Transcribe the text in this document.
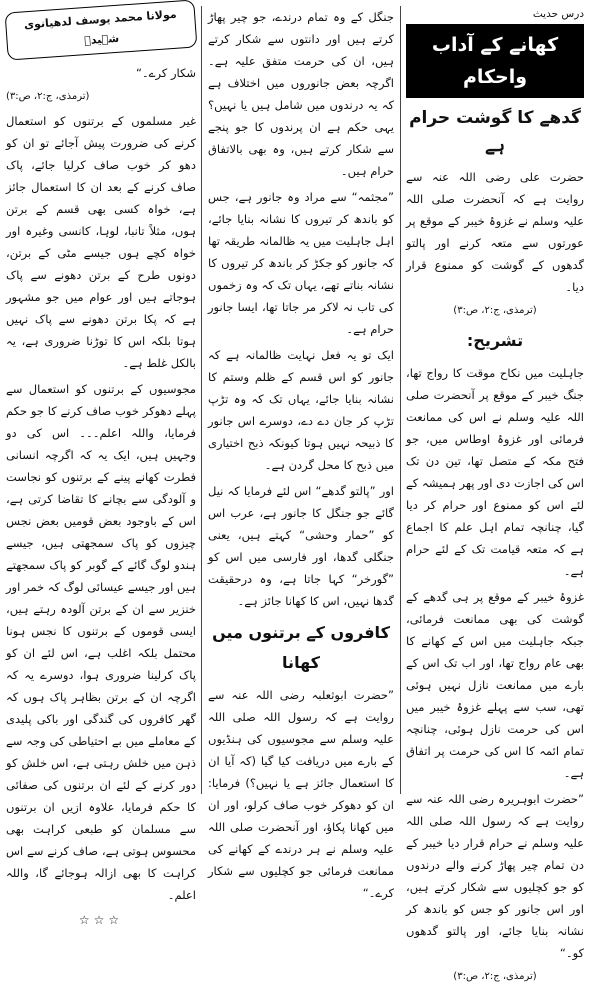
درس حدیث
کھانے کے آداب واحکام
گدھے کا گوشت حرام ہے

حضرت علی رضی اللہ عنہ سے روایت ہے کہ آنحضرت صلی اللہ علیہ وسلم نے غزوۂ خیبر کے موقع پر عورتوں سے متعہ کرنے اور پالتو گدھوں کے گوشت کو ممنوع قرار دیا۔

(ترمذی، ج:۲، ص:۳)

تشریح:

جاہلیت میں نکاح موقت کا رواج تھا، جنگ خیبر کے موقع پر آنحضرت صلی اللہ علیہ وسلم نے اس کی ممانعت فرمائی اور غزوۂ اوطاس میں، جو فتح مکہ کے متصل تھا، تین دن تک اس کی اجازت دی اور پھر ہمیشہ کے لئے اس کو ممنوع اور حرام کر دیا گیا، چنانچہ تمام اہل علم کا اجماع ہے کہ متعہ قیامت تک کے لئے حرام ہے۔

غزوۂ خیبر کے موقع پر ہی گدھے کے گوشت کی بھی ممانعت فرمائی، جبکہ جاہلیت میں اس کے کھانے کا بھی عام رواج تھا، اور اب تک اس کے بارے میں ممانعت نازل نہیں ہوئی تھی، سب سے پہلے غزوۂ خیبر میں اس کی حرمت نازل ہوئی، چنانچہ تمام ائمہ کا اس کی حرمت پر اتفاق ہے۔

”حضرت ابوہریرہ رضی اللہ عنہ سے روایت ہے کہ رسول اللہ صلی اللہ علیہ وسلم نے حرام قرار دیا خیبر کے دن تمام چیر پھاڑ کرنے والے درندوں کو جو کچلیوں سے شکار کرتے ہیں، اور اس جانور کو جس کو باندھ کر نشانہ بنایا جائے، اور پالتو گدھوں کو۔“

(ترمذی، ج:۲، ص:۳)

جنگل کے وہ تمام درندے، جو چیر پھاڑ کرتے ہیں اور دانتوں سے شکار کرتے ہیں، ان کی حرمت متفق علیہ ہے۔ اگرچہ بعض جانوروں میں اختلاف ہے کہ یہ درندوں میں شامل ہیں یا نہیں؟ یہی حکم ہے ان پرندوں کا جو پنجے سے شکار کرتے ہیں، وہ بھی بالاتفاق حرام ہیں۔

”مجثمہ“ سے مراد وہ جانور ہے، جس کو باندھ کر تیروں کا نشانہ بنایا جائے، اہل جاہلیت میں یہ ظالمانہ طریقہ تھا کہ جانور کو جکڑ کر باندھ کر تیروں کا نشانہ بناتے تھے، یہاں تک کہ وہ زخموں کی تاب نہ لاکر مر جاتا تھا، ایسا جانور حرام ہے۔

ایک تو یہ فعل نہایت ظالمانہ ہے کہ جانور کو اس قسم کے ظلم وستم کا نشانہ بنایا جائے، یہاں تک کہ وہ تڑپ تڑپ کر جان دے دے، دوسرے اس جانور کا ذبیحہ نہیں ہوتا کیونکہ ذبح اختیاری میں ذبح کا محل گردن ہے۔

اور ”پالتو گدھے“ اس لئے فرمایا کہ نیل گائے جو جنگل کا جانور ہے، عرب اس کو ”حمار وحشی“ کہتے ہیں، یعنی جنگلی گدھا، اور فارسی میں اس کو ”گورخر“ کہا جاتا ہے، وہ درحقیقت گدھا نہیں، اس کا کھانا جائز ہے۔

کافروں کے برتنوں میں کھانا

”حضرت ابوثعلبہ رضی اللہ عنہ سے روایت ہے کہ رسول اللہ صلی اللہ علیہ وسلم سے مجوسیوں کی ہنڈیوں کے بارے میں دریافت کیا گیا (کہ آیا ان کا استعمال جائز ہے یا نہیں؟) فرمایا: ان کو دھوکر خوب صاف کرلو، اور ان میں کھانا پکاؤ، اور آنحضرت صلی اللہ علیہ وسلم نے ہر درندے کے کھانے کی ممانعت فرمائی جو کچلیوں سے شکار کرے۔“

مولانا محمد یوسف لدھیانوی شہیدؒ

شکار کرے۔“

(ترمذی، ج:۲، ص:۳)

غیر مسلموں کے برتنوں کو استعمال کرنے کی ضرورت پیش آجائے تو ان کو دھو کر خوب صاف کرلیا جائے، پاک صاف کرنے کے بعد ان کا استعمال جائز ہے، خواہ کسی بھی قسم کے برتن ہوں، مثلاً تانبا، لوہا، کانسی وغیرہ اور خواہ کچے ہوں جیسے مٹی کے برتن، دونوں طرح کے برتن دھونے سے پاک ہوجاتے ہیں اور عوام میں جو مشہور ہے کہ پکا برتن دھونے سے پاک نہیں ہوتا بلکہ اس کا توڑنا ضروری ہے، یہ بالکل غلط ہے۔

مجوسیوں کے برتنوں کو استعمال سے پہلے دھوکر خوب صاف کرنے کا جو حکم فرمایا، واللہ اعلم۔۔۔ اس کی دو وجہیں ہیں، ایک یہ کہ اگرچہ انسانی فطرت کھانے پینے کے برتنوں کو نجاست و آلودگی سے بچانے کا تقاضا کرتی ہے، اس کے باوجود بعض قومیں بعض نجس چیزوں کو پاک سمجھتی ہیں، جیسے ہندو لوگ گائے کے گوبر کو پاک سمجھتے ہیں اور جیسے عیسائی لوگ کہ خمر اور خنزیر سے ان کے برتن آلودہ رہتے ہیں، ایسی قوموں کے برتنوں کا نجس ہونا محتمل بلکہ اغلب ہے، اس لئے ان کو پاک کرلینا ضروری ہوا، دوسرے یہ کہ اگرچہ ان کے برتن بظاہر پاک ہوں کہ گھر کافروں کی گندگی اور باکی پلیدی کے معاملے میں بے احتیاطی کی وجہ سے ذہن میں خلش رہتی ہے، اس خلش کو دور کرنے کے لئے ان برتنوں کی صفائی کا حکم فرمایا، علاوہ ازیں ان برتنوں سے مسلمان کو طبعی کراہت بھی محسوس ہوتی ہے، صاف کرنے سے اس کراہت کا بھی ازالہ ہوجائے گا، واللہ اعلم۔

☆☆☆
